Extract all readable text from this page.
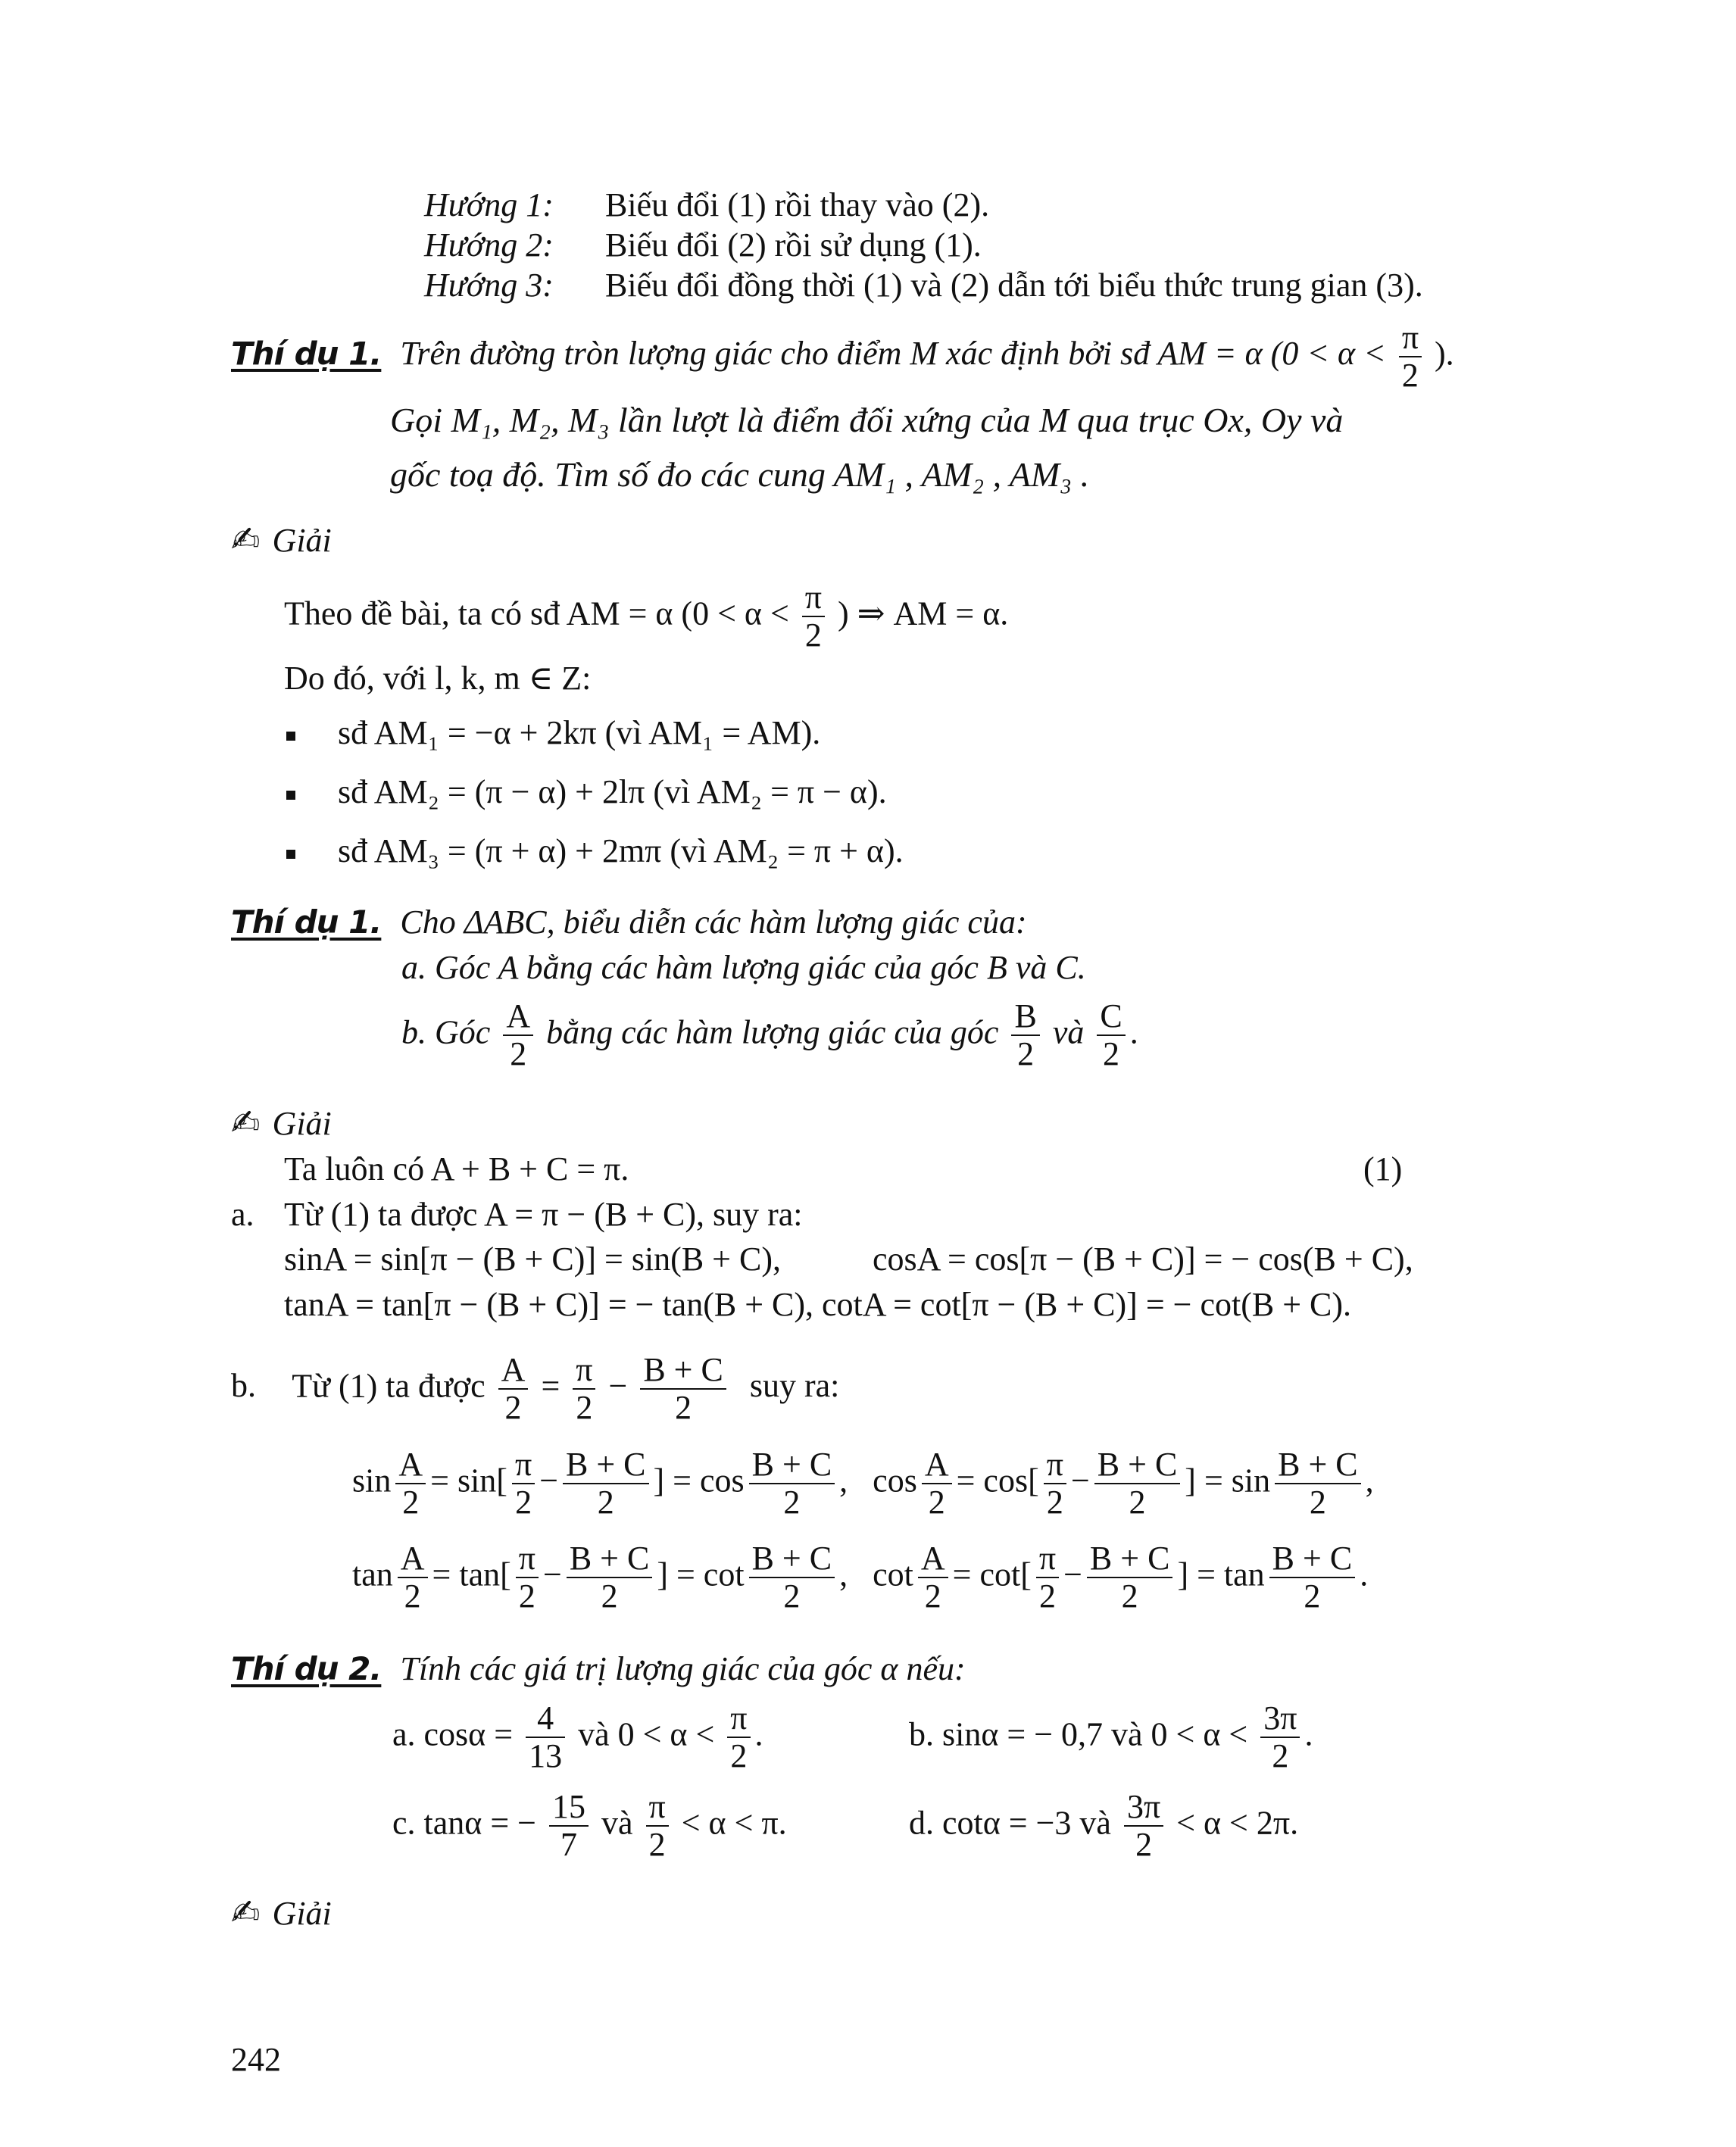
Hướng 1: Biếu đổi (1) rồi thay vào (2).
Hướng 2: Biếu đổi (2) rồi sử dụng (1).
Hướng 3: Biếu đổi đồng thời (1) và (2) dẫn tới biểu thức trung gian (3).
Thí dụ 1. Trên đường tròn lượng giác cho điểm M xác định bởi sđ AM = α ($0 < \alpha < \frac{\pi}{2}$ ).
Gọi M₁, M₂, M₃ lần lượt là điểm đối xứng của M qua trục Ox, Oy và
gốc toạ độ. Tìm số đo các cung AM₁ , AM₂ , AM₃ .
✍ Giải
Theo đề bài, ta có sđ AM = α ($0 < \alpha < \frac{\pi}{2}$ ) ⇒ AM = α.
Do đó, với l, k, m ∈ Z:
sđ AM₁ = −α + 2kπ (vì AM₁ = AM).
sđ AM₂ = (π − α) + 2lπ (vì AM₂ = π − α).
sđ AM₃ = (π + α) + 2mπ (vì AM₂ = π + α).
Thí dụ 1. Cho ΔABC, biểu diễn các hàm lượng giác của:
a. Góc A bằng các hàm lượng giác của góc B và C.
b. Góc $\frac{A}{2}$ bằng các hàm lượng giác của góc $\frac{B}{2}$ và $\frac{C}{2}$ .
✍ Giải
Ta luôn có A + B + C = π.	(1)
a. Từ (1) ta được A = π − (B + C), suy ra:
sinA = sin[π − (B + C)] = sin(B + C),	cosA = cos[π − (B + C)] = − cos(B + C),
tanA = tan[π − (B + C)] = − tan(B + C), cotA = cot[π − (B + C)] = − cot(B + C).
b. Từ (1) ta được $\frac{A}{2} = \frac{\pi}{2} - \frac{B + C}{2}$ suy ra:
$\sin \frac{A}{2} = \sin[ \frac{\pi}{2} - \frac{B + C}{2}$ ] = $\cos \frac{B + C}{2}$ ,   $\cos \frac{A}{2} = \cos[ \frac{\pi}{2} - \frac{B + C}{2}$ ] = $\sin \frac{B + C}{2}$ ,
$\tan \frac{A}{2} = \tan[ \frac{\pi}{2} - \frac{B + C}{2}$ ] = $\cot \frac{B + C}{2}$ ,   $\cot \frac{A}{2} = \cot[ \frac{\pi}{2} - \frac{B + C}{2}$ ] = $\tan \frac{B + C}{2}$ .
Thí dụ 2. Tính các giá trị lượng giác của góc α nếu:
a. $\cos\alpha = \frac{4}{13}$ và $0 < \alpha < \frac{\pi}{2}$ .	b. sinα = − 0,7 và $0 < \alpha < \frac{3\pi}{2}$ .
c. tanα = − $\frac{15}{7}$ và $\frac{\pi}{2} < \alpha < \pi$.	d. cotα = −3 và $\frac{3\pi}{2} < \alpha < 2\pi$.
✍ Giải
242
